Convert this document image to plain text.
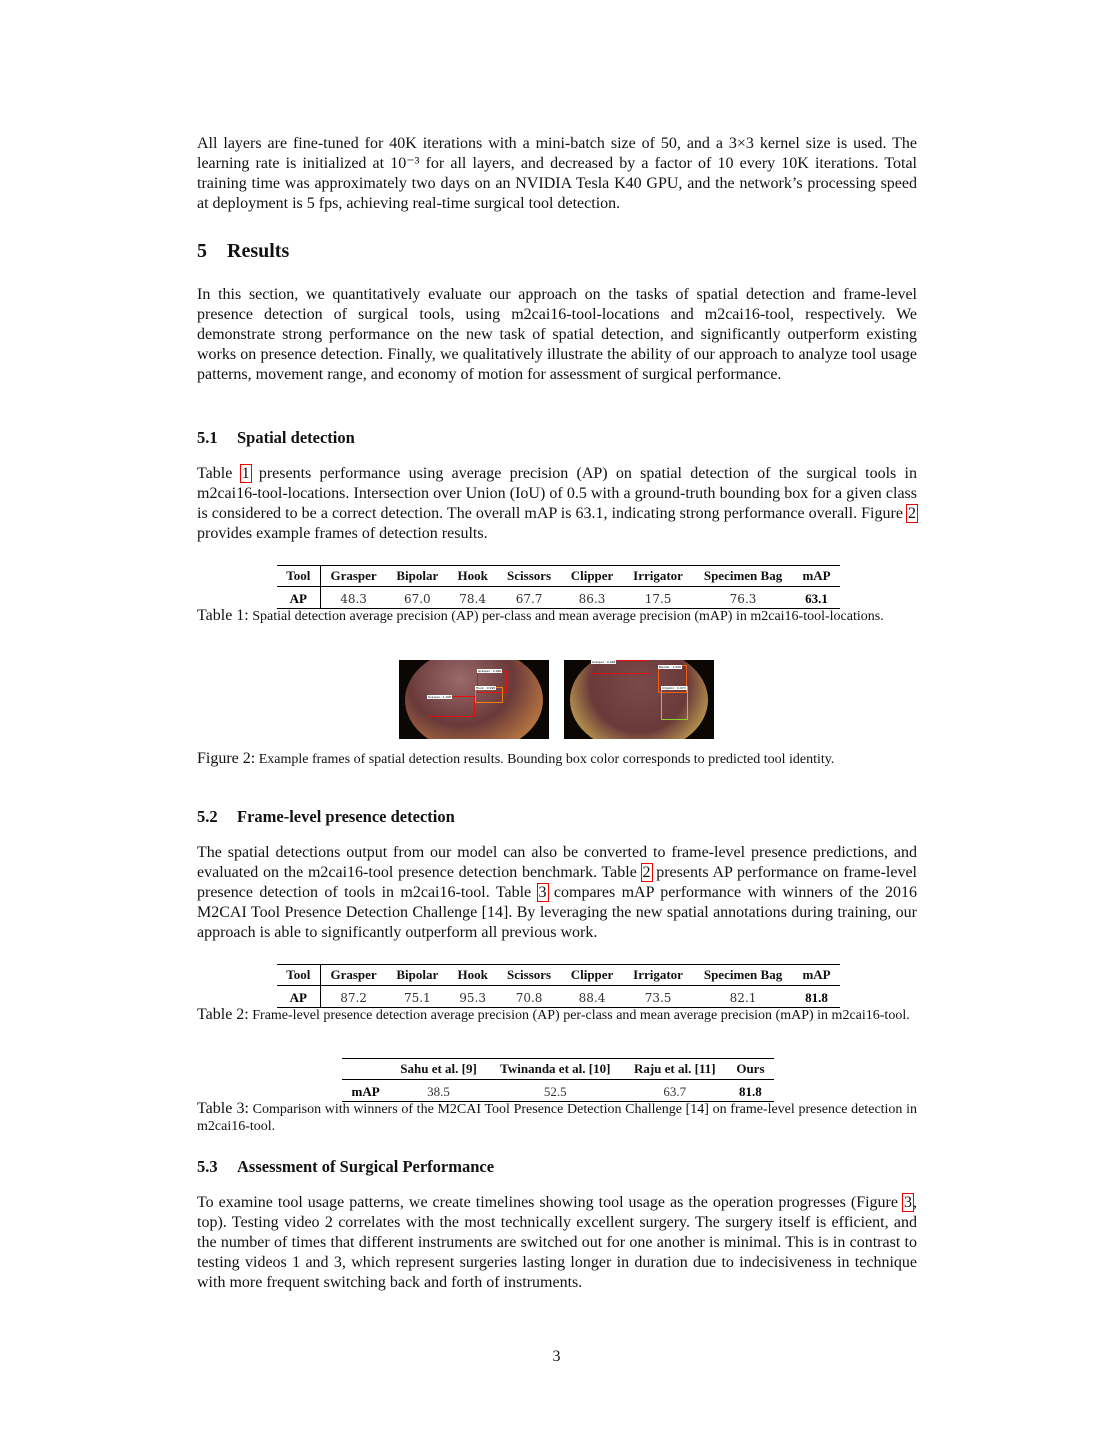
All layers are fine-tuned for 40K iterations with a mini-batch size of 50, and a 3×3 kernel size is used. The learning rate is initialized at 10⁻³ for all layers, and decreased by a factor of 10 every 10K iterations. Total training time was approximately two days on an NVIDIA Tesla K40 GPU, and the network’s processing speed at deployment is 5 fps, achieving real-time surgical tool detection.

5 Results

In this section, we quantitatively evaluate our approach on the tasks of spatial detection and frame-level presence detection of surgical tools, using m2cai16-tool-locations and m2cai16-tool, respectively. We demonstrate strong performance on the new task of spatial detection, and significantly outperform existing works on presence detection. Finally, we qualitatively illustrate the ability of our approach to analyze tool usage patterns, movement range, and economy of motion for assessment of surgical performance.

5.1 Spatial detection

Table 1 presents performance using average precision (AP) on spatial detection of the surgical tools in m2cai16-tool-locations. Intersection over Union (IoU) of 0.5 with a ground-truth bounding box for a given class is considered to be a correct detection. The overall mAP is 63.1, indicating strong performance overall. Figure 2 provides example frames of detection results.

Tool	Grasper	Bipolar	Hook	Scissors	Clipper	Irrigator	Specimen Bag	mAP
AP	48.3	67.0	78.4	67.7	86.3	17.5	76.3	63.1
Table 1: Spatial detection average precision (AP) per-class and mean average precision (mAP) in m2cai16-tool-locations.
Grasper : 0.990
Hook : 0.998
Grasper : 1.000
Grasper : 0.998
Bipolar : 1.000
Irrigator : 0.973
Figure 2: Example frames of spatial detection results. Bounding box color corresponds to predicted tool identity.
5.2 Frame-level presence detection

The spatial detections output from our model can also be converted to frame-level presence predictions, and evaluated on the m2cai16-tool presence detection benchmark. Table 2 presents AP performance on frame-level presence detection of tools in m2cai16-tool. Table 3 compares mAP performance with winners of the 2016 M2CAI Tool Presence Detection Challenge [14]. By leveraging the new spatial annotations during training, our approach is able to significantly outperform all previous work.

Tool	Grasper	Bipolar	Hook	Scissors	Clipper	Irrigator	Specimen Bag	mAP
AP	87.2	75.1	95.3	70.8	88.4	73.5	82.1	81.8
Table 2: Frame-level presence detection average precision (AP) per-class and mean average precision (mAP) in m2cai16-tool.
	Sahu et al. [9]	Twinanda et al. [10]	Raju et al. [11]	Ours
mAP	38.5	52.5	63.7	81.8
Table 3: Comparison with winners of the M2CAI Tool Presence Detection Challenge [14] on frame-level presence detection in m2cai16-tool.
5.3 Assessment of Surgical Performance

To examine tool usage patterns, we create timelines showing tool usage as the operation progresses (Figure 3, top). Testing video 2 correlates with the most technically excellent surgery. The surgery itself is efficient, and the number of times that different instruments are switched out for one another is minimal. This is in contrast to testing videos 1 and 3, which represent surgeries lasting longer in duration due to indecisiveness in technique with more frequent switching back and forth of instruments.

3
